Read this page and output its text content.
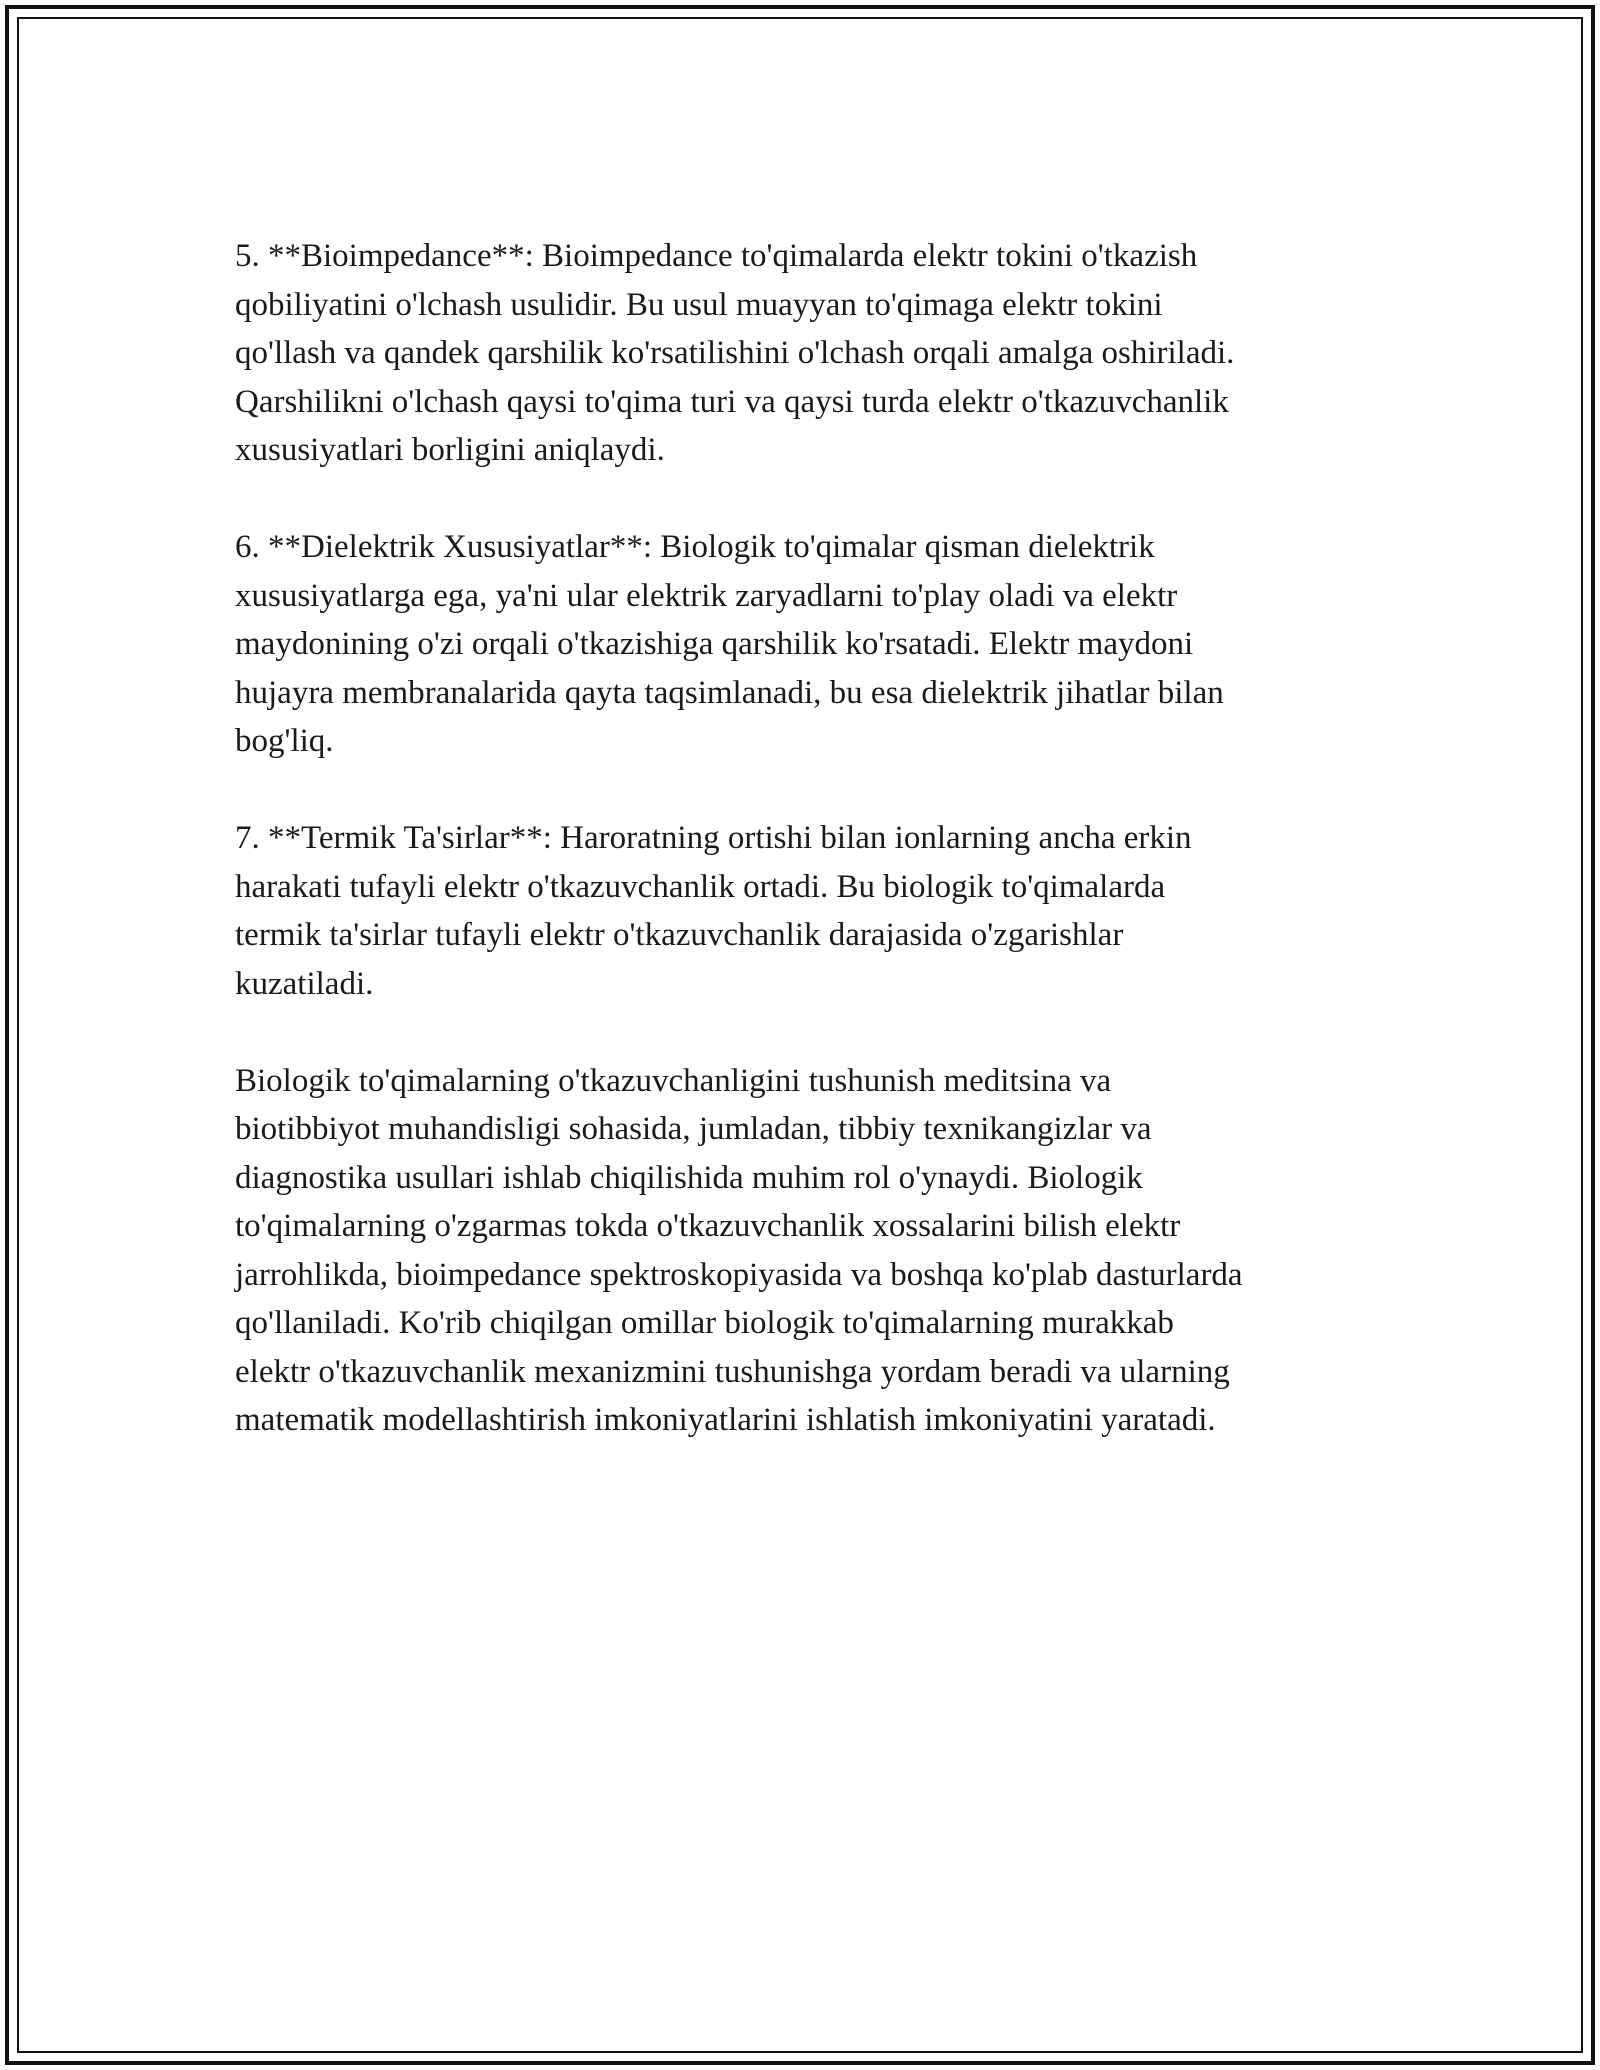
5. **Bioimpedance**: Bioimpedance to'qimalarda elektr tokini o'tkazish
qobiliyatini o'lchash usulidir. Bu usul muayyan to'qimaga elektr tokini
qo'llash va qandek qarshilik ko'rsatilishini o'lchash orqali amalga oshiriladi.
Qarshilikni o'lchash qaysi to'qima turi va qaysi turda elektr o'tkazuvchanlik
xususiyatlari borligini aniqlaydi.

6. **Dielektrik Xususiyatlar**: Biologik to'qimalar qisman dielektrik
xususiyatlarga ega, ya'ni ular elektrik zaryadlarni to'play oladi va elektr
maydonining o'zi orqali o'tkazishiga qarshilik ko'rsatadi. Elektr maydoni
hujayra membranalarida qayta taqsimlanadi, bu esa dielektrik jihatlar bilan
bog'liq.

7. **Termik Ta'sirlar**: Haroratning ortishi bilan ionlarning ancha erkin
harakati tufayli elektr o'tkazuvchanlik ortadi. Bu biologik to'qimalarda
termik ta'sirlar tufayli elektr o'tkazuvchanlik darajasida o'zgarishlar
kuzatiladi.

Biologik to'qimalarning o'tkazuvchanligini tushunish meditsina va
biotibbiyot muhandisligi sohasida, jumladan, tibbiy texnikangizlar va
diagnostika usullari ishlab chiqilishida muhim rol o'ynaydi. Biologik
to'qimalarning o'zgarmas tokda o'tkazuvchanlik xossalarini bilish elektr
jarrohlikda, bioimpedance spektroskopiyasida va boshqa ko'plab dasturlarda
qo'llaniladi. Ko'rib chiqilgan omillar biologik to'qimalarning murakkab
elektr o'tkazuvchanlik mexanizmini tushunishga yordam beradi va ularning
matematik modellashtirish imkoniyatlarini ishlatish imkoniyatini yaratadi.
